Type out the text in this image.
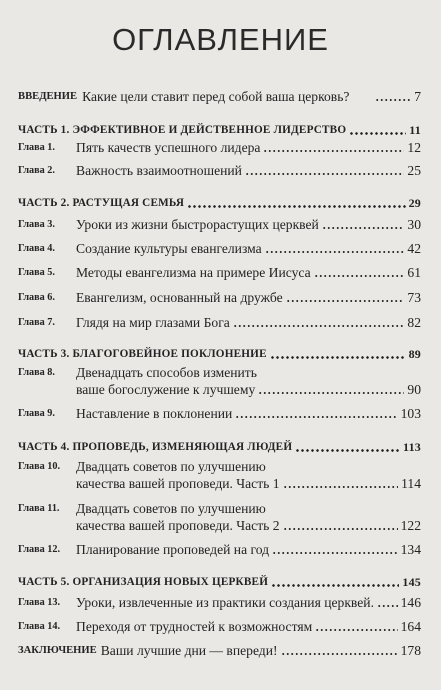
ОГЛАВЛЕНИЕ
ВВЕДЕНИЕ Какие цели ставит перед собой ваша церковь?	7
ЧАСТЬ 1. ЭФФЕКТИВНОЕ И ДЕЙСТВЕННОЕ ЛИДЕРСТВО	11
Глава 1.	Пять качеств успешного лидера	12
Глава 2.	Важность взаимоотношений	25
ЧАСТЬ 2. РАСТУЩАЯ СЕМЬЯ	29
Глава 3.	Уроки из жизни быстрорастущих церквей	30
Глава 4.	Создание культуры евангелизма	42
Глава 5.	Методы евангелизма на примере Иисуса	61
Глава 6.	Евангелизм, основанный на дружбе	73
Глава 7.	Глядя на мир глазами Бога	82
ЧАСТЬ 3. БЛАГОГОВЕЙНОЕ ПОКЛОНЕНИЕ	89
Глава 8.	Двенадцать способов изменить
ваше богослужение к лучшему	90
Глава 9.	Наставление в поклонении	103
ЧАСТЬ 4. ПРОПОВЕДЬ, ИЗМЕНЯЮЩАЯ ЛЮДЕЙ	113
Глава 10.	Двадцать советов по улучшению
качества вашей проповеди. Часть 1	114
Глава 11.	Двадцать советов по улучшению
качества вашей проповеди. Часть 2	122
Глава 12.	Планирование проповедей на год	134
ЧАСТЬ 5. ОРГАНИЗАЦИЯ НОВЫХ ЦЕРКВЕЙ	145
Глава 13.	Уроки, извлеченные из практики создания церквей. 146
Глава 14.	Переходя от трудностей к возможностям	164
ЗАКЛЮЧЕНИЕ Ваши лучшие дни — впереди!	178
